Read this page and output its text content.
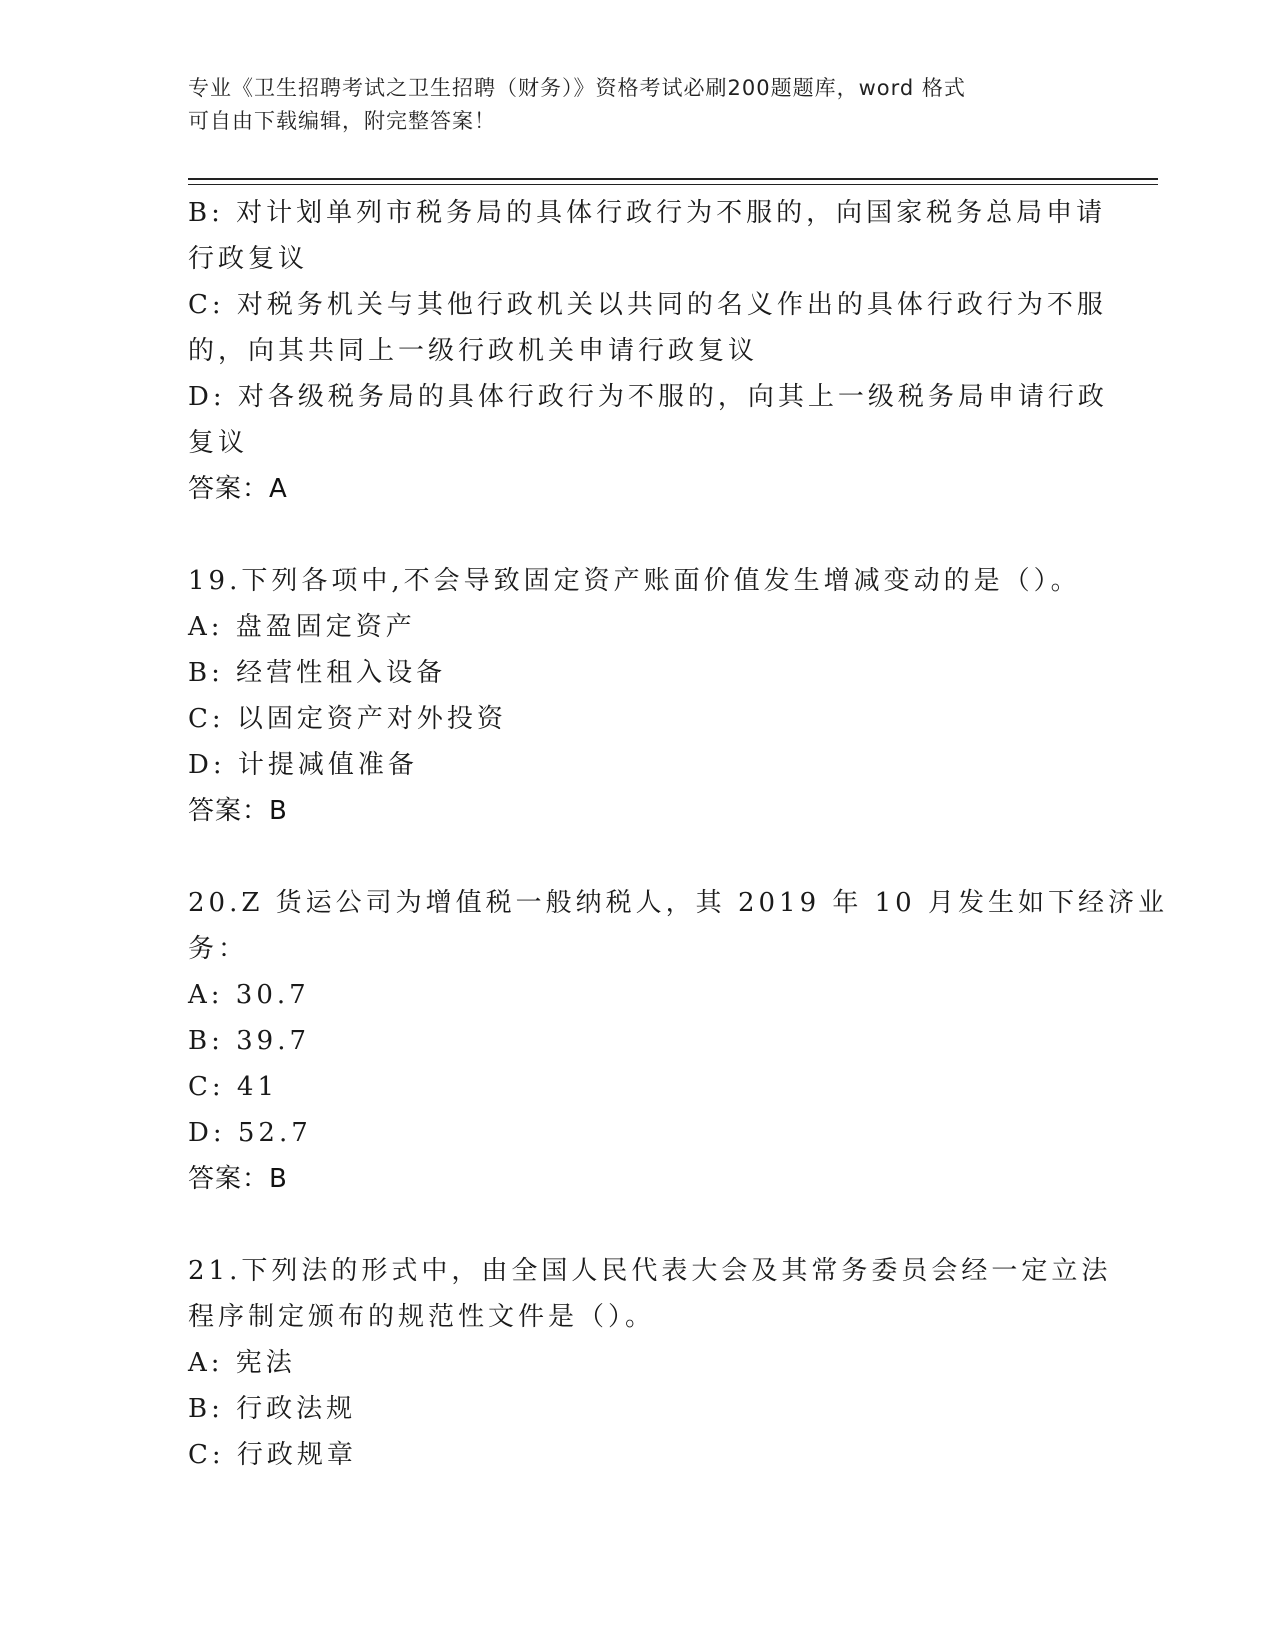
专业《卫生招聘考试之卫生招聘（财务）》资格考试必刷200题题库，word 格式
可自由下载编辑，附完整答案！
B: 对计划单列市税务局的具体行政行为不服的，向国家税务总局申请
行政复议
C: 对税务机关与其他行政机关以共同的名义作出的具体行政行为不服
的，向其共同上一级行政机关申请行政复议
D: 对各级税务局的具体行政行为不服的，向其上一级税务局申请行政
复议
答案：A
19.下列各项中,不会导致固定资产账面价值发生增减变动的是（）。
A: 盘盈固定资产
B: 经营性租入设备
C: 以固定资产对外投资
D: 计提减值准备
答案：B
20.Z 货运公司为增值税一般纳税人，其 2019 年 10 月发生如下经济业
务：
A: 30.7
B: 39.7
C: 41
D: 52.7
答案：B
21.下列法的形式中，由全国人民代表大会及其常务委员会经一定立法
程序制定颁布的规范性文件是（）。
A: 宪法
B: 行政法规
C: 行政规章
